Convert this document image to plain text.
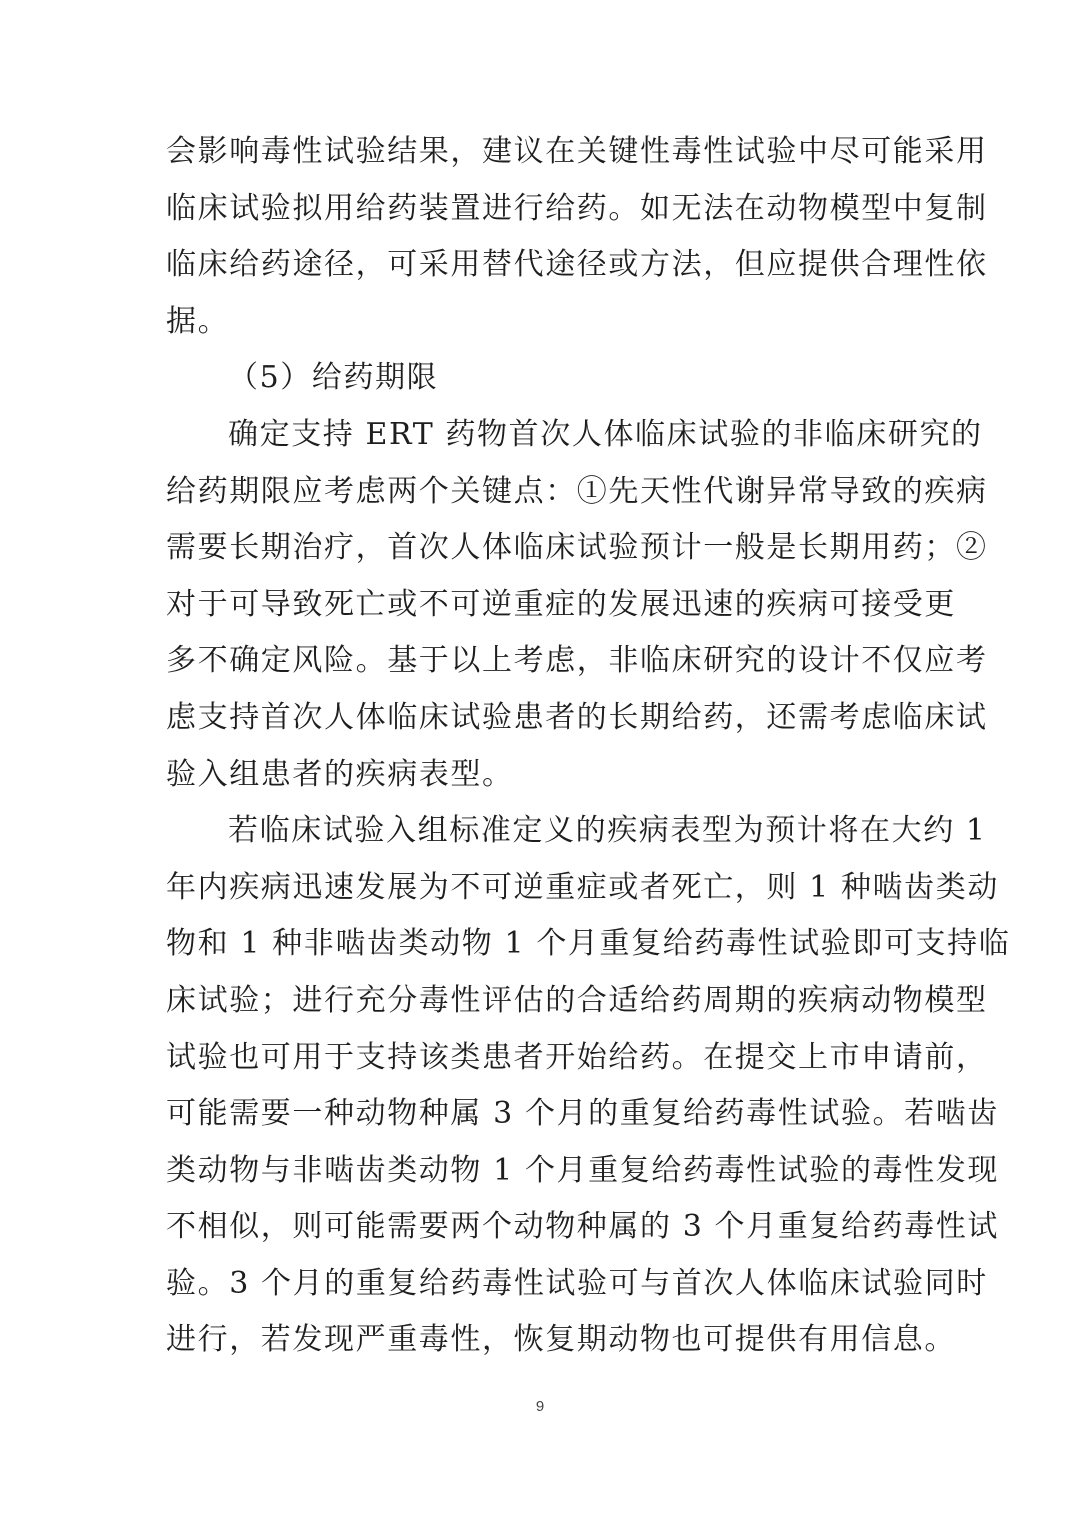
会影响毒性试验结果，建议在关键性毒性试验中尽可能采用
临床试验拟用给药装置进行给药。如无法在动物模型中复制
临床给药途径，可采用替代途径或方法，但应提供合理性依
据。
（5）给药期限
确定支持 ERT 药物首次人体临床试验的非临床研究的
给药期限应考虑两个关键点：①先天性代谢异常导致的疾病
需要长期治疗，首次人体临床试验预计一般是长期用药；②
对于可导致死亡或不可逆重症的发展迅速的疾病可接受更
多不确定风险。基于以上考虑，非临床研究的设计不仅应考
虑支持首次人体临床试验患者的长期给药，还需考虑临床试
验入组患者的疾病表型。
若临床试验入组标准定义的疾病表型为预计将在大约 1
年内疾病迅速发展为不可逆重症或者死亡，则 1 种啮齿类动
物和 1 种非啮齿类动物 1 个月重复给药毒性试验即可支持临
床试验；进行充分毒性评估的合适给药周期的疾病动物模型
试验也可用于支持该类患者开始给药。在提交上市申请前，
可能需要一种动物种属 3 个月的重复给药毒性试验。若啮齿
类动物与非啮齿类动物 1 个月重复给药毒性试验的毒性发现
不相似，则可能需要两个动物种属的 3 个月重复给药毒性试
验。3 个月的重复给药毒性试验可与首次人体临床试验同时
进行，若发现严重毒性，恢复期动物也可提供有用信息。
9
